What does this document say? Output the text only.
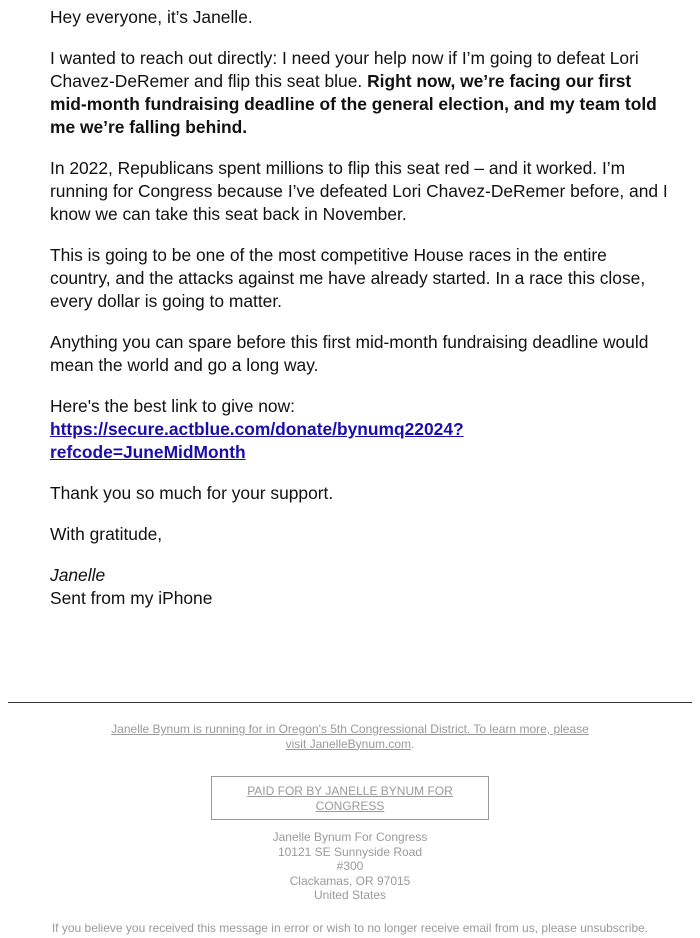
Hey everyone, it’s Janelle.

I wanted to reach out directly: I need your help now if I’m going to defeat Lori Chavez-DeRemer and flip this seat blue. Right now, we’re facing our first mid-month fundraising deadline of the general election, and my team told me we’re falling behind.

In 2022, Republicans spent millions to flip this seat red – and it worked. I’m running for Congress because I’ve defeated Lori Chavez-DeRemer before, and I know we can take this seat back in November.

This is going to be one of the most competitive House races in the entire country, and the attacks against me have already started. In a race this close, every dollar is going to matter.

Anything you can spare before this first mid-month fundraising deadline would mean the world and go a long way.

Here's the best link to give now:
https://secure.actblue.com/donate/bynumq22024?
refcode=JuneMidMonth

Thank you so much for your support.

With gratitude,

Janelle
Sent from my iPhone

Janelle Bynum is running for in Oregon's 5th Congressional District. To learn more, please visit JanelleBynum.com.
PAID FOR BY JANELLE BYNUM FOR CONGRESS
Janelle Bynum For Congress
10121 SE Sunnyside Road
#300
Clackamas, OR 97015
United States
If you believe you received this message in error or wish to no longer receive email from us, please unsubscribe.
